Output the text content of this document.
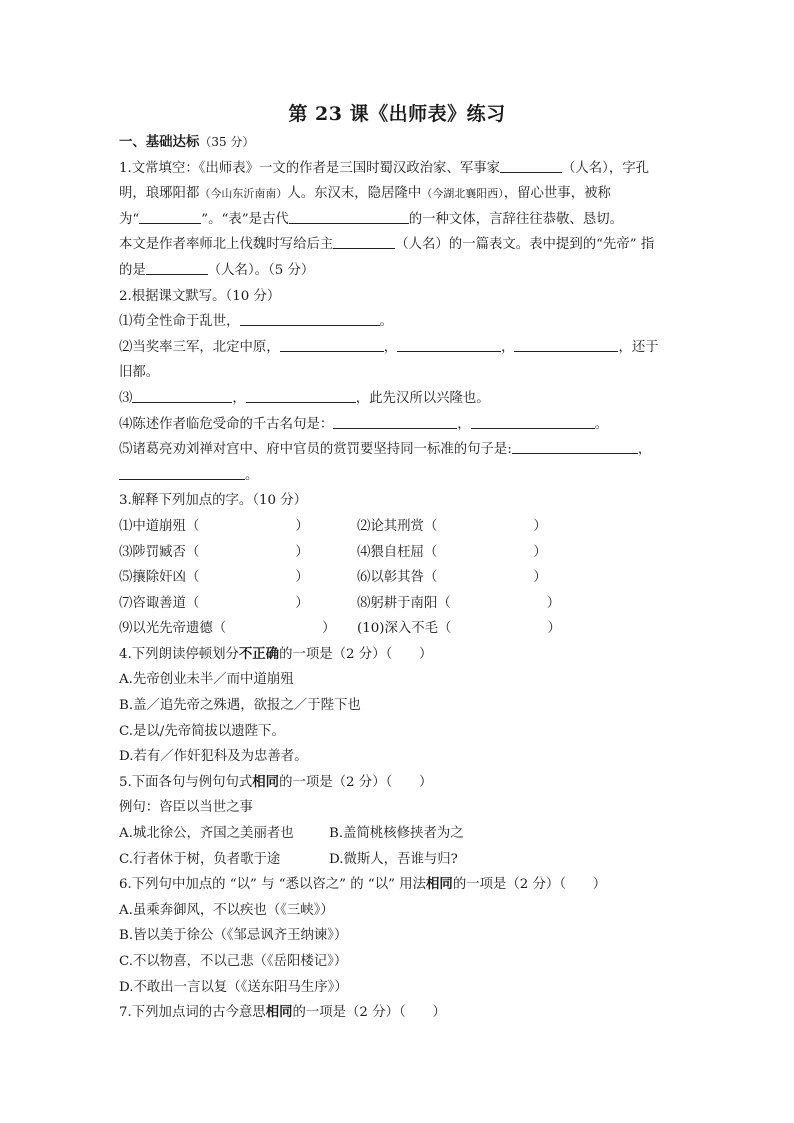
第 23 课《出师表》练习
一、基础达标（35 分）
1.文常填空：《出师表》一文的作者是三国时蜀汉政治家、军事家	（人名），字孔
明，琅琊阳都（今山东沂南南）人。东汉末，隐居隆中（今湖北襄阳西），留心世事，被称
为“	”。“表”是古代	的一种文体，言辞往往恭敬、恳切。
本文是作者率师北上伐魏时写给后主	（人名）的一篇表文。表中提到的“先帝” 指
的是	（人名）。（5 分）
2.根据课文默写。（10 分）
⑴苟全性命于乱世，	。
⑵当奖率三军，北定中原，	，	，	，还于
旧都。
⑶	，	，此先汉所以兴隆也。
⑷陈述作者临危受命的千古名句是：	，	。
⑸诸葛亮劝刘禅对宫中、府中官员的赏罚要坚持同一标准的句子是:	，
。
3.解释下列加点的字。（10 分）
⑴中道崩殂（	）	⑵论其刑赏（	）
⑶陟罚臧否（	）	⑷猥自枉屈（	）
⑸攘除奸凶（	）	⑹以彰其咎（	）
⑺咨诹善道（	）	⑻躬耕于南阳（	）
⑼以光先帝遗德（	） (10)深入不毛（	）
4.下列朗读停顿划分不正确的一项是（2 分）（　　）
A.先帝创业未半／而中道崩殂
B.盖／追先帝之殊遇，欲报之／于陛下也
C.是以/先帝简拔以遗陛下。
D.若有／作奸犯科及为忠善者。
5.下面各句与例句句式相同的一项是（2 分）（　　）
例句：咨臣以当世之事
A.城北徐公，齐国之美丽者也	B.盖简桃核修挟者为之
C.行者休于树，负者歌于途	D.微斯人，吾谁与归?
6.下列句中加点的 “以” 与 “悉以咨之” 的 “以” 用法相同的一项是（2 分）（　　）
A.虽乘奔御风，不以疾也（《三峡》）
B.皆以美于徐公（《邹忌讽齐王纳谏》）
C.不以物喜，不以己悲（《岳阳楼记》）
D.不敢出一言以复（《送东阳马生序》）
7.下列加点词的古今意思相同的一项是（2 分）（　　）
